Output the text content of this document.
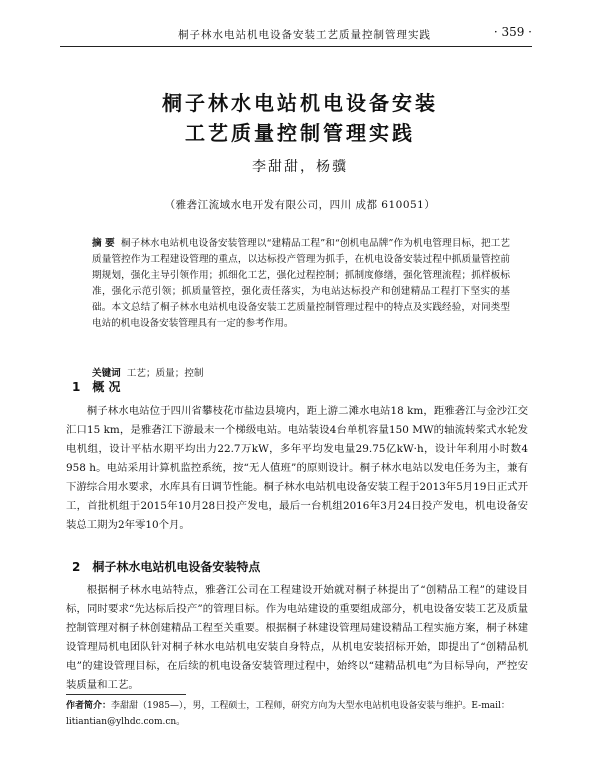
桐子林水电站机电设备安装工艺质量控制管理实践	· 359 ·
桐子林水电站机电设备安装
工艺质量控制管理实践
李甜甜，杨骥
（雅砻江流域水电开发有限公司，四川 成都 610051）

摘 要 桐子林水电站机电设备安装管理以“建精品工程”和“创机电品牌”作为机电管理目标，把工艺质量管控作为工程建设管理的重点，以达标投产管理为抓手，在机电设备安装过程中抓质量管控前期规划，强化主导引领作用；抓细化工艺，强化过程控制；抓制度修缮，强化管理流程；抓样板标准，强化示范引领；抓质量管控，强化责任落实，为电站达标投产和创建精品工程打下坚实的基础。本文总结了桐子林水电站机电设备安装工艺质量控制管理过程中的特点及实践经验，对同类型电站的机电设备安装管理具有一定的参考作用。

关键词 工艺；质量；控制

1 概 况

桐子林水电站位于四川省攀枝花市盐边县境内，距上游二滩水电站18 km，距雅砻江与金沙江交汇口15 km，是雅砻江下游最末一个梯级电站。电站装设4台单机容量150 MW的轴流转桨式水轮发电机组，设计平枯水期平均出力22.7万kW，多年平均发电量29.75亿kW·h，设计年利用小时数4 958 h。电站采用计算机监控系统，按“无人值班”的原则设计。桐子林水电站以发电任务为主，兼有下游综合用水要求，水库具有日调节性能。桐子林水电站机电设备安装工程于2013年5月19日正式开工，首批机组于2015年10月28日投产发电，最后一台机组2016年3月24日投产发电，机电设备安装总工期为2年零10个月。

2 桐子林水电站机电设备安装特点

根据桐子林水电站特点，雅砻江公司在工程建设开始就对桐子林提出了“创精品工程”的建设目标，同时要求“先达标后投产”的管理目标。作为电站建设的重要组成部分，机电设备安装工艺及质量控制管理对桐子林创建精品工程至关重要。根据桐子林建设管理局建设精品工程实施方案，桐子林建设管理局机电团队针对桐子林水电站机电安装自身特点，从机电安装招标开始，即提出了“创精品机电”的建设管理目标，在后续的机电设备安装管理过程中，始终以“建精品机电”为目标导向，严控安装质量和工艺。

作者简介：李甜甜（1985—），男，工程硕士，工程师，研究方向为大型水电站机电设备安装与维护。E-mail：litiantian@ylhdc.com.cn。
